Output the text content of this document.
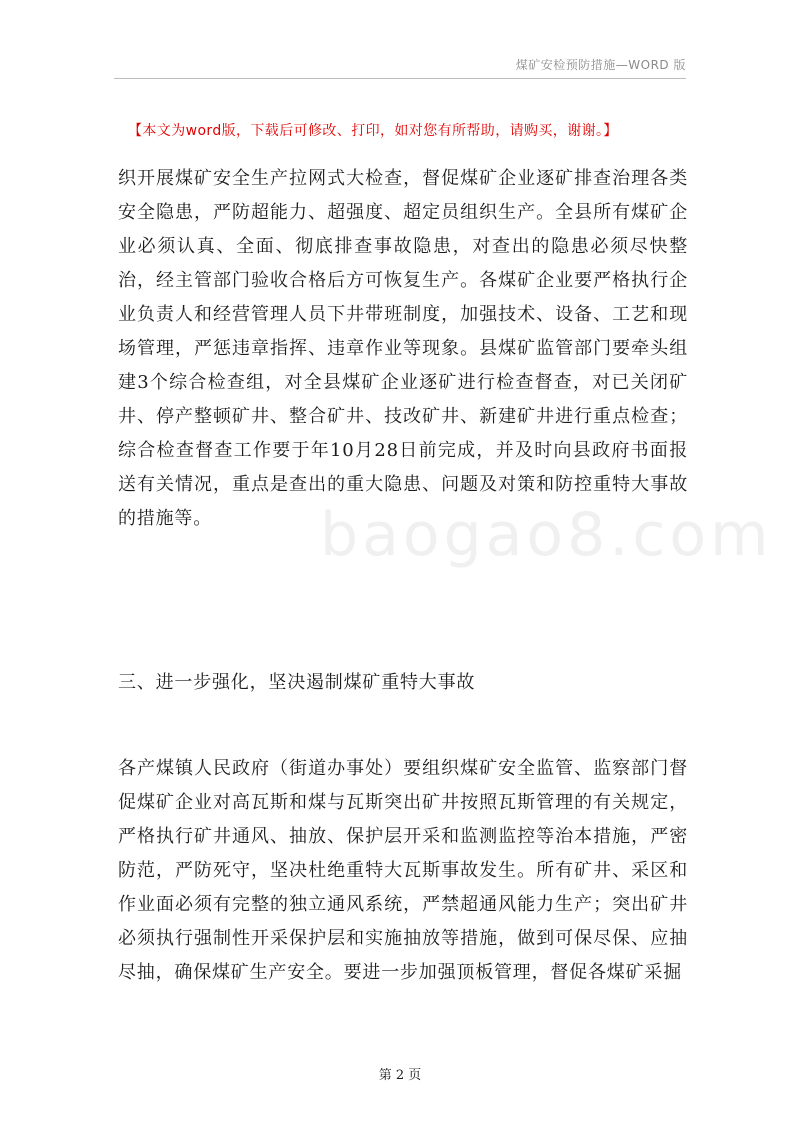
煤矿安检预防措施—WORD 版
【本文为word版，下载后可修改、打印，如对您有所帮助，请购买，谢谢。】
baogao8.com

织开展煤矿安全生产拉网式大检查，督促煤矿企业逐矿排查治理各类安全隐患，严防超能力、超强度、超定员组织生产。全县所有煤矿企业必须认真、全面、彻底排查事故隐患，对查出的隐患必须尽快整治，经主管部门验收合格后方可恢复生产。各煤矿企业要严格执行企业负责人和经营管理人员下井带班制度，加强技术、设备、工艺和现场管理，严惩违章指挥、违章作业等现象。县煤矿监管部门要牵头组建3个综合检查组，对全县煤矿企业逐矿进行检查督查，对已关闭矿井、停产整顿矿井、整合矿井、技改矿井、新建矿井进行重点检查；综合检查督查工作要于年10月28日前完成，并及时向县政府书面报送有关情况，重点是查出的重大隐患、问题及对策和防控重特大事故的措施等。

三、进一步强化，坚决遏制煤矿重特大事故

各产煤镇人民政府（街道办事处）要组织煤矿安全监管、监察部门督促煤矿企业对高瓦斯和煤与瓦斯突出矿井按照瓦斯管理的有关规定，严格执行矿井通风、抽放、保护层开采和监测监控等治本措施，严密防范，严防死守，坚决杜绝重特大瓦斯事故发生。所有矿井、采区和作业面必须有完整的独立通风系统，严禁超通风能力生产；突出矿井必须执行强制性开采保护层和实施抽放等措施，做到可保尽保、应抽尽抽，确保煤矿生产安全。要进一步加强顶板管理，督促各煤矿采掘

第 2 页
